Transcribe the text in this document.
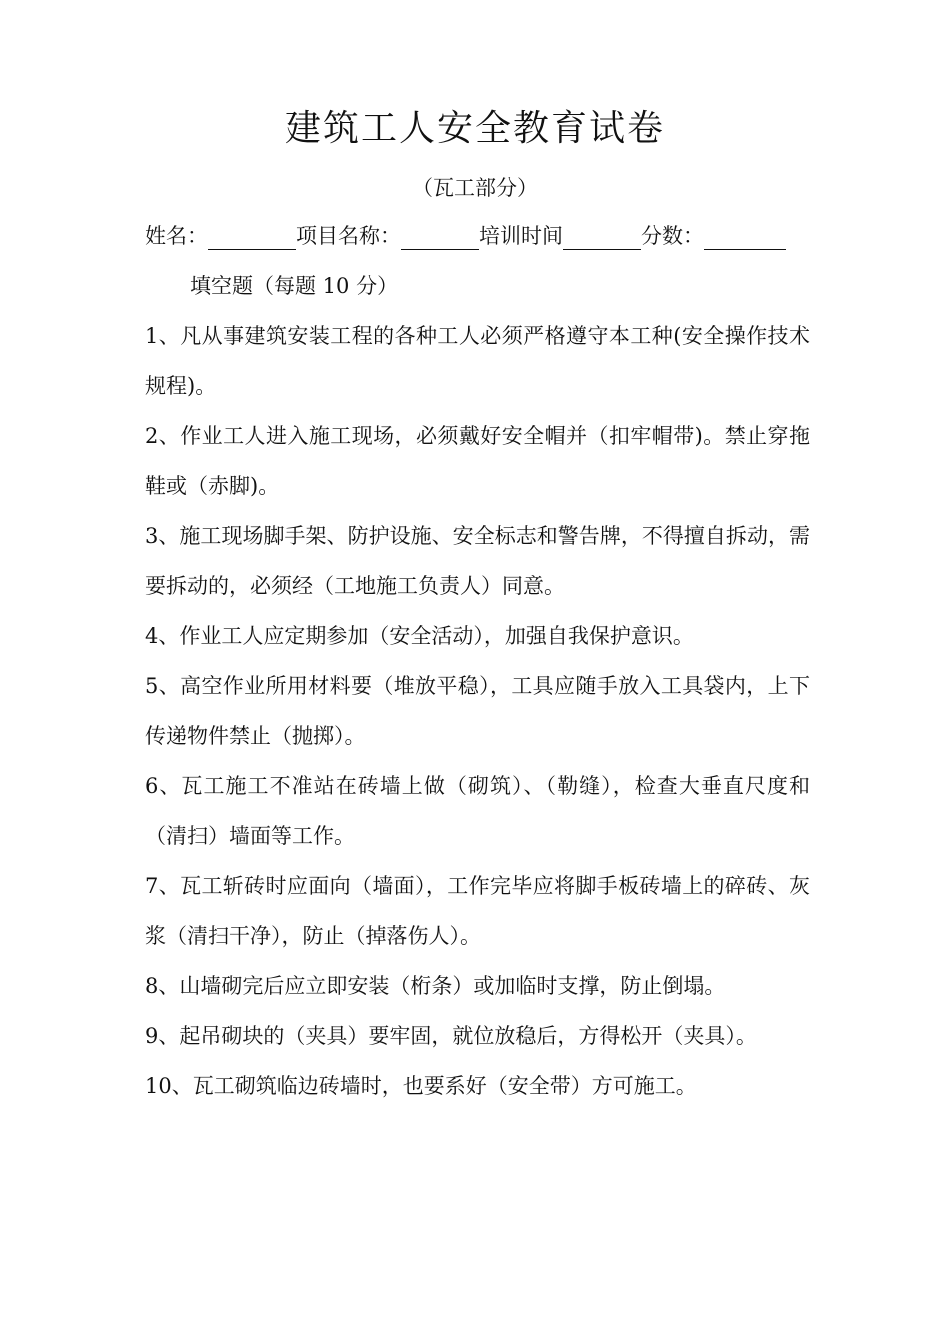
建筑工人安全教育试卷
（瓦工部分）
姓名：	项目名称：	培训时间	分数：
填空题（每题 10 分）

1、凡从事建筑安装工程的各种工人必须严格遵守本工种(安全操作技术规程)。

2、作业工人进入施工现场，必须戴好安全帽并（扣牢帽带)。禁止穿拖鞋或（赤脚)。

3、施工现场脚手架、防护设施、安全标志和警告牌，不得擅自拆动，需要拆动的，必须经（工地施工负责人）同意。

4、作业工人应定期参加（安全活动），加强自我保护意识。

5、高空作业所用材料要（堆放平稳），工具应随手放入工具袋内，上下传递物件禁止（抛掷）。

6、瓦工施工不准站在砖墙上做（砌筑）、（勒缝），检查大垂直尺度和（清扫）墙面等工作。

7、瓦工斩砖时应面向（墙面），工作完毕应将脚手板砖墙上的碎砖、灰浆（清扫干净），防止（掉落伤人）。

8、山墙砌完后应立即安装（桁条）或加临时支撑，防止倒塌。

9、起吊砌块的（夹具）要牢固，就位放稳后，方得松开（夹具）。

10、瓦工砌筑临边砖墙时，也要系好（安全带）方可施工。
